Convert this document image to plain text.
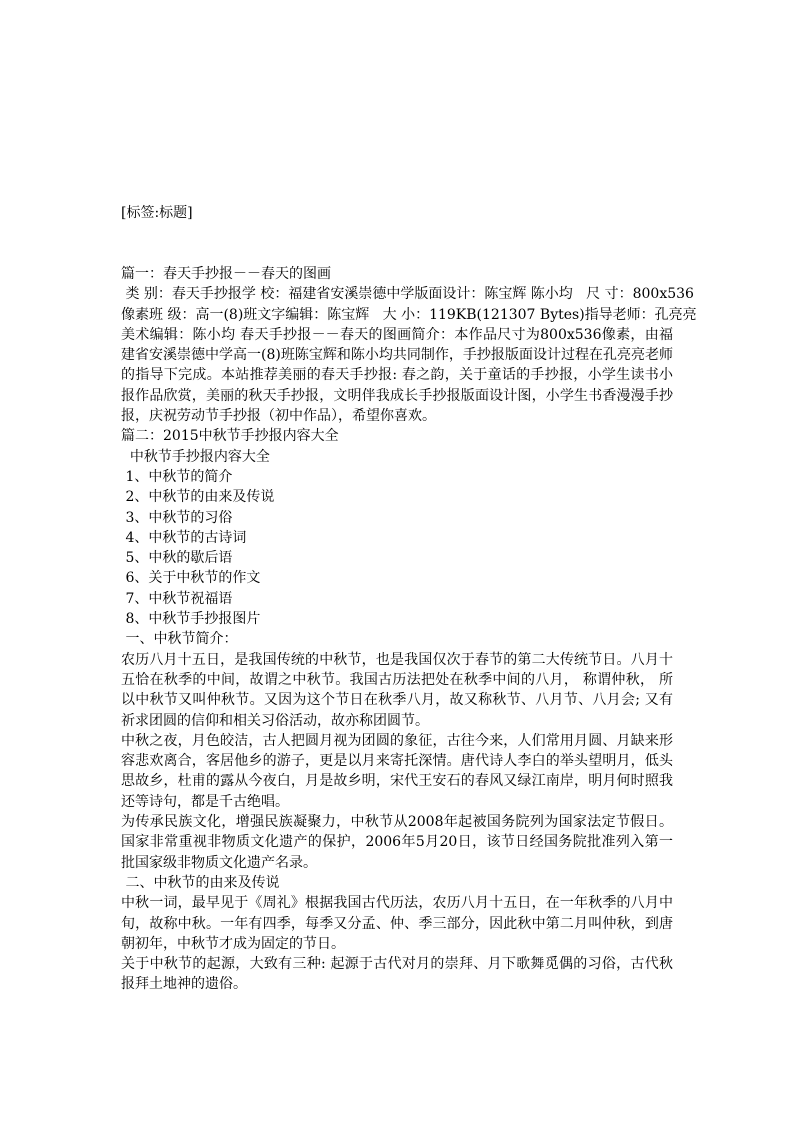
[标签:标题]
篇一：春天手抄报－－春天的图画
类 别：春天手抄报学 校：福建省安溪崇德中学版面设计：陈宝辉 陈小均   尺 寸：800x536
像素班 级：高一(8)班文字编辑：陈宝辉   大 小：119KB(121307 Bytes)指导老师：孔亮亮
美术编辑：陈小均 春天手抄报－－春天的图画简介：本作品尺寸为800x536像素，由福建省安溪崇德中学高一(8)班陈宝辉和陈小均共同制作，手抄报版面设计过程在孔亮亮老师的指导下完成。本站推荐美丽的春天手抄报: 春之韵，关于童话的手抄报，小学生读书小报作品欣赏，美丽的秋天手抄报，文明伴我成长手抄报版面设计图，小学生书香漫漫手抄报，庆祝劳动节手抄报（初中作品），希望你喜欢。
篇二：2015中秋节手抄报内容大全
中秋节手抄报内容大全
1、中秋节的简介
2、中秋节的由来及传说
3、中秋节的习俗
4、中秋节的古诗词
5、中秋的歇后语
6、关于中秋节的作文
7、中秋节祝福语
8、中秋节手抄报图片
一、中秋节简介：
农历八月十五日，是我国传统的中秋节，也是我国仅次于春节的第二大传统节日。八月十五恰在秋季的中间，故谓之中秋节。我国古历法把处在秋季中间的八月， 称谓仲秋， 所以中秋节又叫仲秋节。又因为这个节日在秋季八月，故又称秋节、八月节、八月会; 又有祈求团圆的信仰和相关习俗活动，故亦称团圆节。
中秋之夜，月色皎洁，古人把圆月视为团圆的象征，古往今来，人们常用月圆、月缺来形容悲欢离合，客居他乡的游子，更是以月来寄托深情。唐代诗人李白的举头望明月，低头思故乡，杜甫的露从今夜白，月是故乡明，宋代王安石的春风又绿江南岸，明月何时照我还等诗句，都是千古绝唱。
为传承民族文化，增强民族凝聚力，中秋节从2008年起被国务院列为国家法定节假日。国家非常重视非物质文化遗产的保护，2006年5月20日，该节日经国务院批准列入第一批国家级非物质文化遗产名录。
二、中秋节的由来及传说
中秋一词，最早见于《周礼》根据我国古代历法，农历八月十五日，在一年秋季的八月中旬，故称中秋。一年有四季，每季又分孟、仲、季三部分，因此秋中第二月叫仲秋，到唐朝初年，中秋节才成为固定的节日。
关于中秋节的起源，大致有三种: 起源于古代对月的崇拜、月下歌舞觅偶的习俗，古代秋报拜土地神的遗俗。
